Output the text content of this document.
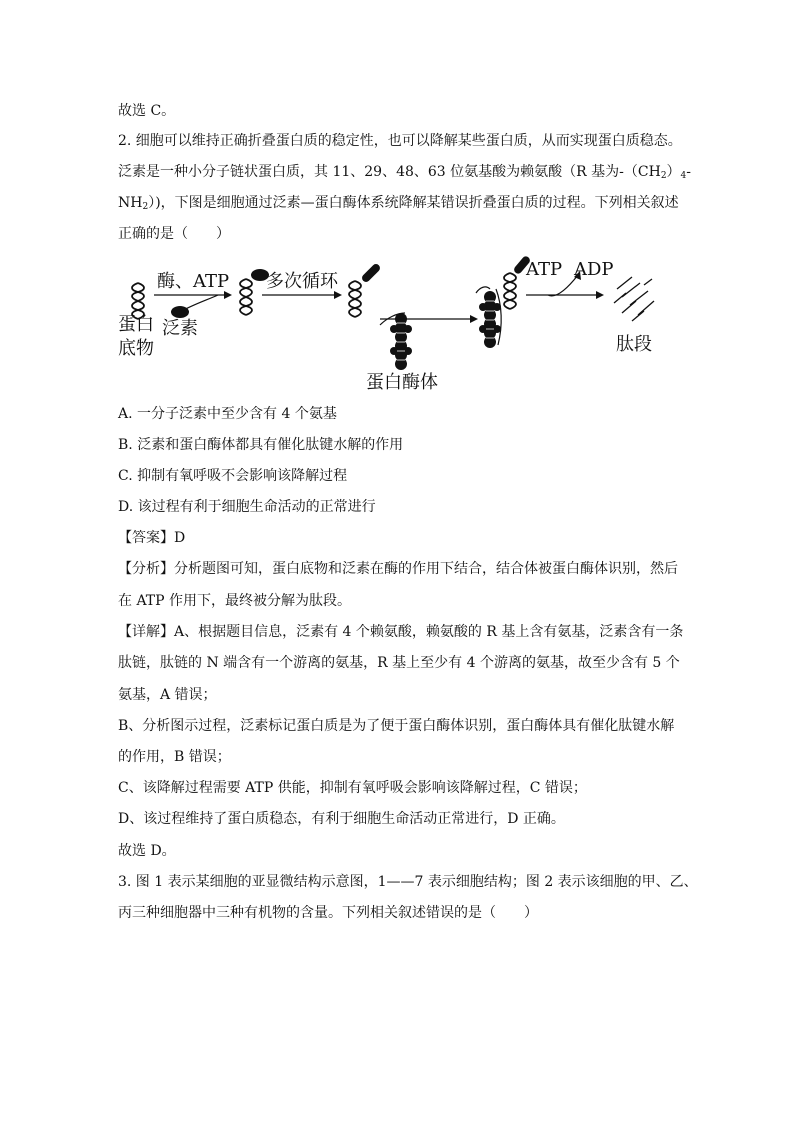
故选 C。
2. 细胞可以维持正确折叠蛋白质的稳定性，也可以降解某些蛋白质，从而实现蛋白质稳态。
泛素是一种小分子链状蛋白质，其 11、29、48、63 位氨基酸为赖氨酸（R 基为$-(CH_2)_4-$
$NH_2$）)，下图是细胞通过泛素—蛋白酶体系统降解某错误折叠蛋白质的过程。下列相关叙述
正确的是（　　）
酶、ATP 多次循环
蛋白
底物
泛素
蛋白酶体
ATP ADP
肽段
A. 一分子泛素中至少含有 4 个氨基
B. 泛素和蛋白酶体都具有催化肽键水解的作用
C. 抑制有氧呼吸不会影响该降解过程
D. 该过程有利于细胞生命活动的正常进行
【答案】D
【分析】分析题图可知，蛋白底物和泛素在酶的作用下结合，结合体被蛋白酶体识别，然后
在 ATP 作用下，最终被分解为肽段。
【详解】A、根据题目信息，泛素有 4 个赖氨酸，赖氨酸的 R 基上含有氨基，泛素含有一条
肽链，肽链的 N 端含有一个游离的氨基，R 基上至少有 4 个游离的氨基，故至少含有 5 个
氨基，A 错误；
B、分析图示过程，泛素标记蛋白质是为了便于蛋白酶体识别，蛋白酶体具有催化肽键水解
的作用，B 错误；
C、该降解过程需要 ATP 供能，抑制有氧呼吸会影响该降解过程，C 错误；
D、该过程维持了蛋白质稳态，有利于细胞生命活动正常进行，D 正确。
故选 D。
3. 图 1 表示某细胞的亚显微结构示意图，1——7 表示细胞结构；图 2 表示该细胞的甲、乙、
丙三种细胞器中三种有机物的含量。下列相关叙述错误的是（　　）
